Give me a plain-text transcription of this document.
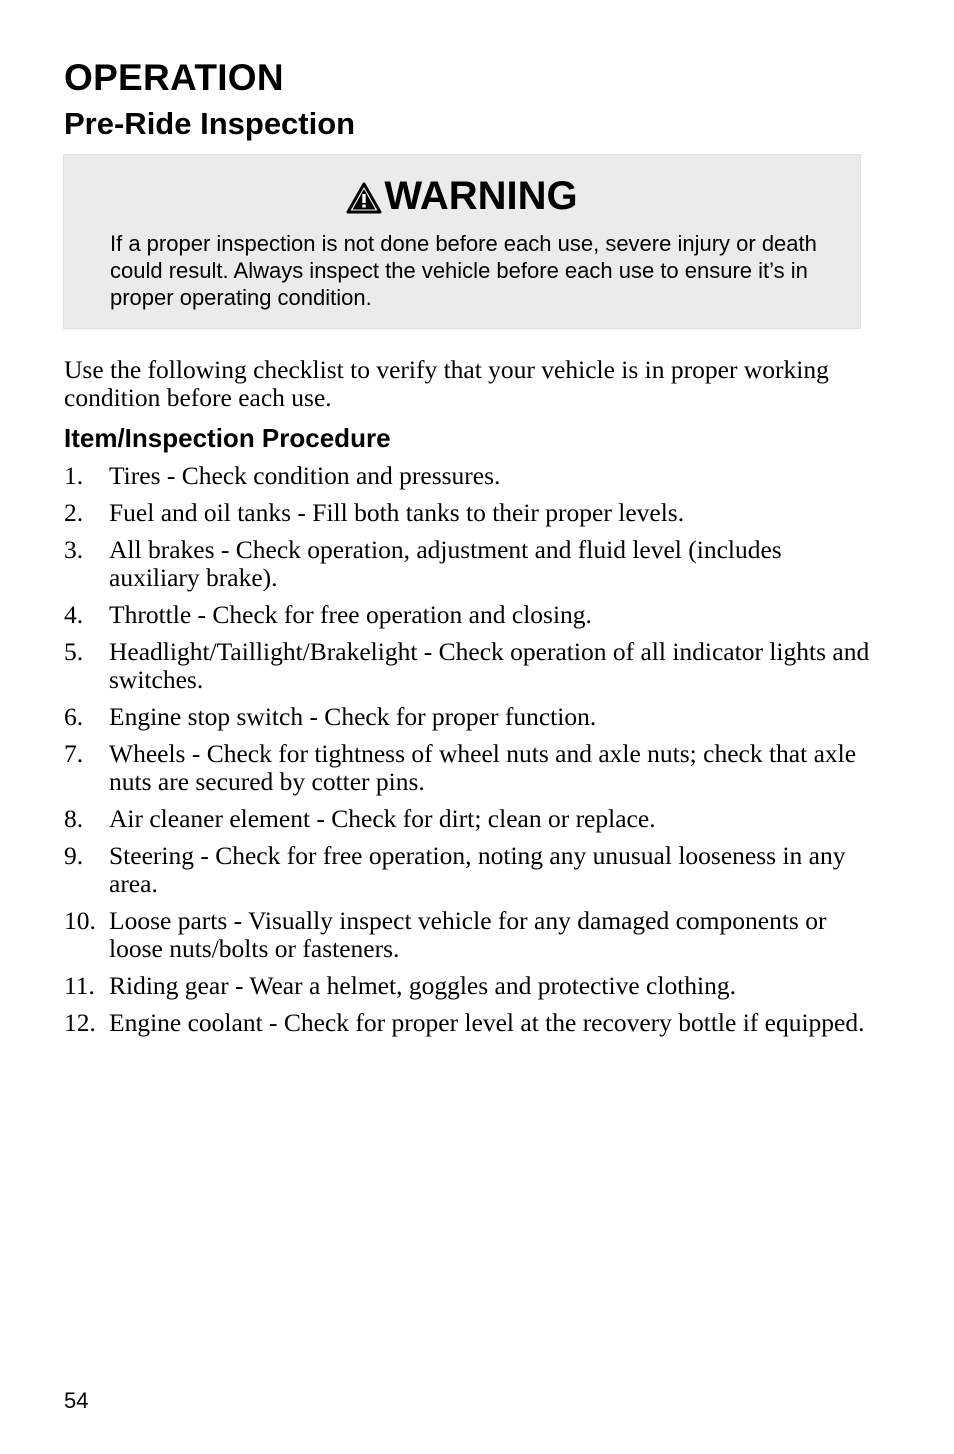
OPERATION
Pre-Ride Inspection
WARNING

If a proper inspection is not done before each use, severe injury or death could result. Always inspect the vehicle before each use to ensure it’s in proper operating condition.

Use the following checklist to verify that your vehicle is in proper working condition before each use.

Item/Inspection Procedure
1.	Tires - Check condition and pressures.
2.	Fuel and oil tanks - Fill both tanks to their proper levels.
3.	All brakes - Check operation, adjustment and fluid level (includes auxiliary brake).
4.	Throttle - Check for free operation and closing.
5.	Headlight/Taillight/Brakelight - Check operation of all indicator lights and switches.
6.	Engine stop switch - Check for proper function.
7.	Wheels - Check for tightness of wheel nuts and axle nuts; check that axle nuts are secured by cotter pins.
8.	Air cleaner element - Check for dirt; clean or replace.
9.	Steering - Check for free operation, noting any unusual looseness in any area.
10. Loose parts - Visually inspect vehicle for any damaged components or loose nuts/bolts or fasteners.
11. Riding gear - Wear a helmet, goggles and protective clothing.
12. Engine coolant - Check for proper level at the recovery bottle if equipped.

54
